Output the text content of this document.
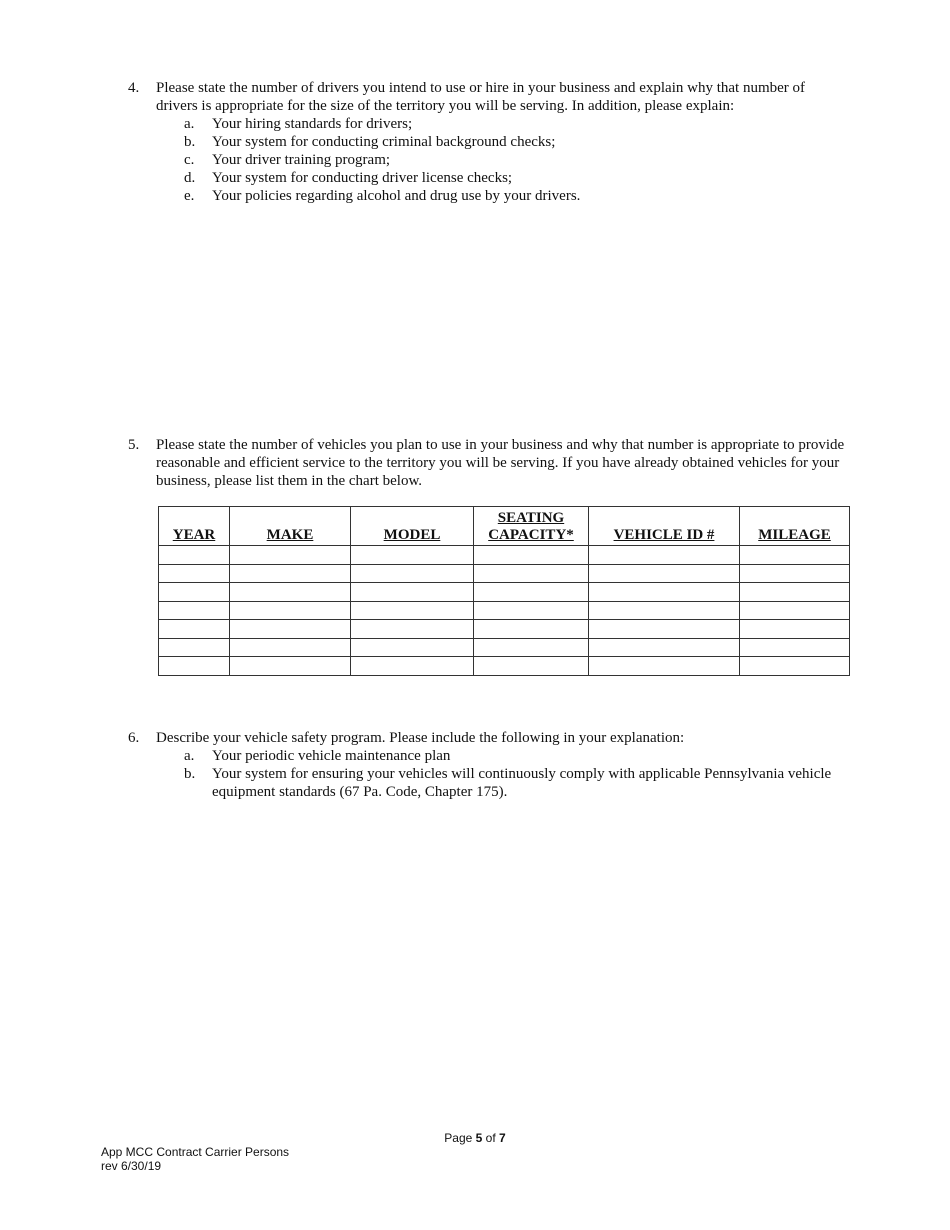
4. Please state the number of drivers you intend to use or hire in your business and explain why that number of drivers is appropriate for the size of the territory you will be serving. In addition, please explain:
a. Your hiring standards for drivers;
b. Your system for conducting criminal background checks;
c. Your driver training program;
d. Your system for conducting driver license checks;
e. Your policies regarding alcohol and drug use by your drivers.
5. Please state the number of vehicles you plan to use in your business and why that number is appropriate to provide reasonable and efficient service to the territory you will be serving. If you have already obtained vehicles for your business, please list them in the chart below.
YEAR	MAKE	MODEL	SEATING CAPACITY*	VEHICLE ID #	MILEAGE

6. Describe your vehicle safety program. Please include the following in your explanation:
a. Your periodic vehicle maintenance plan
b. Your system for ensuring your vehicles will continuously comply with applicable Pennsylvania vehicle equipment standards (67 Pa. Code, Chapter 175).
Page 5 of 7
App MCC Contract Carrier Persons
rev 6/30/19
